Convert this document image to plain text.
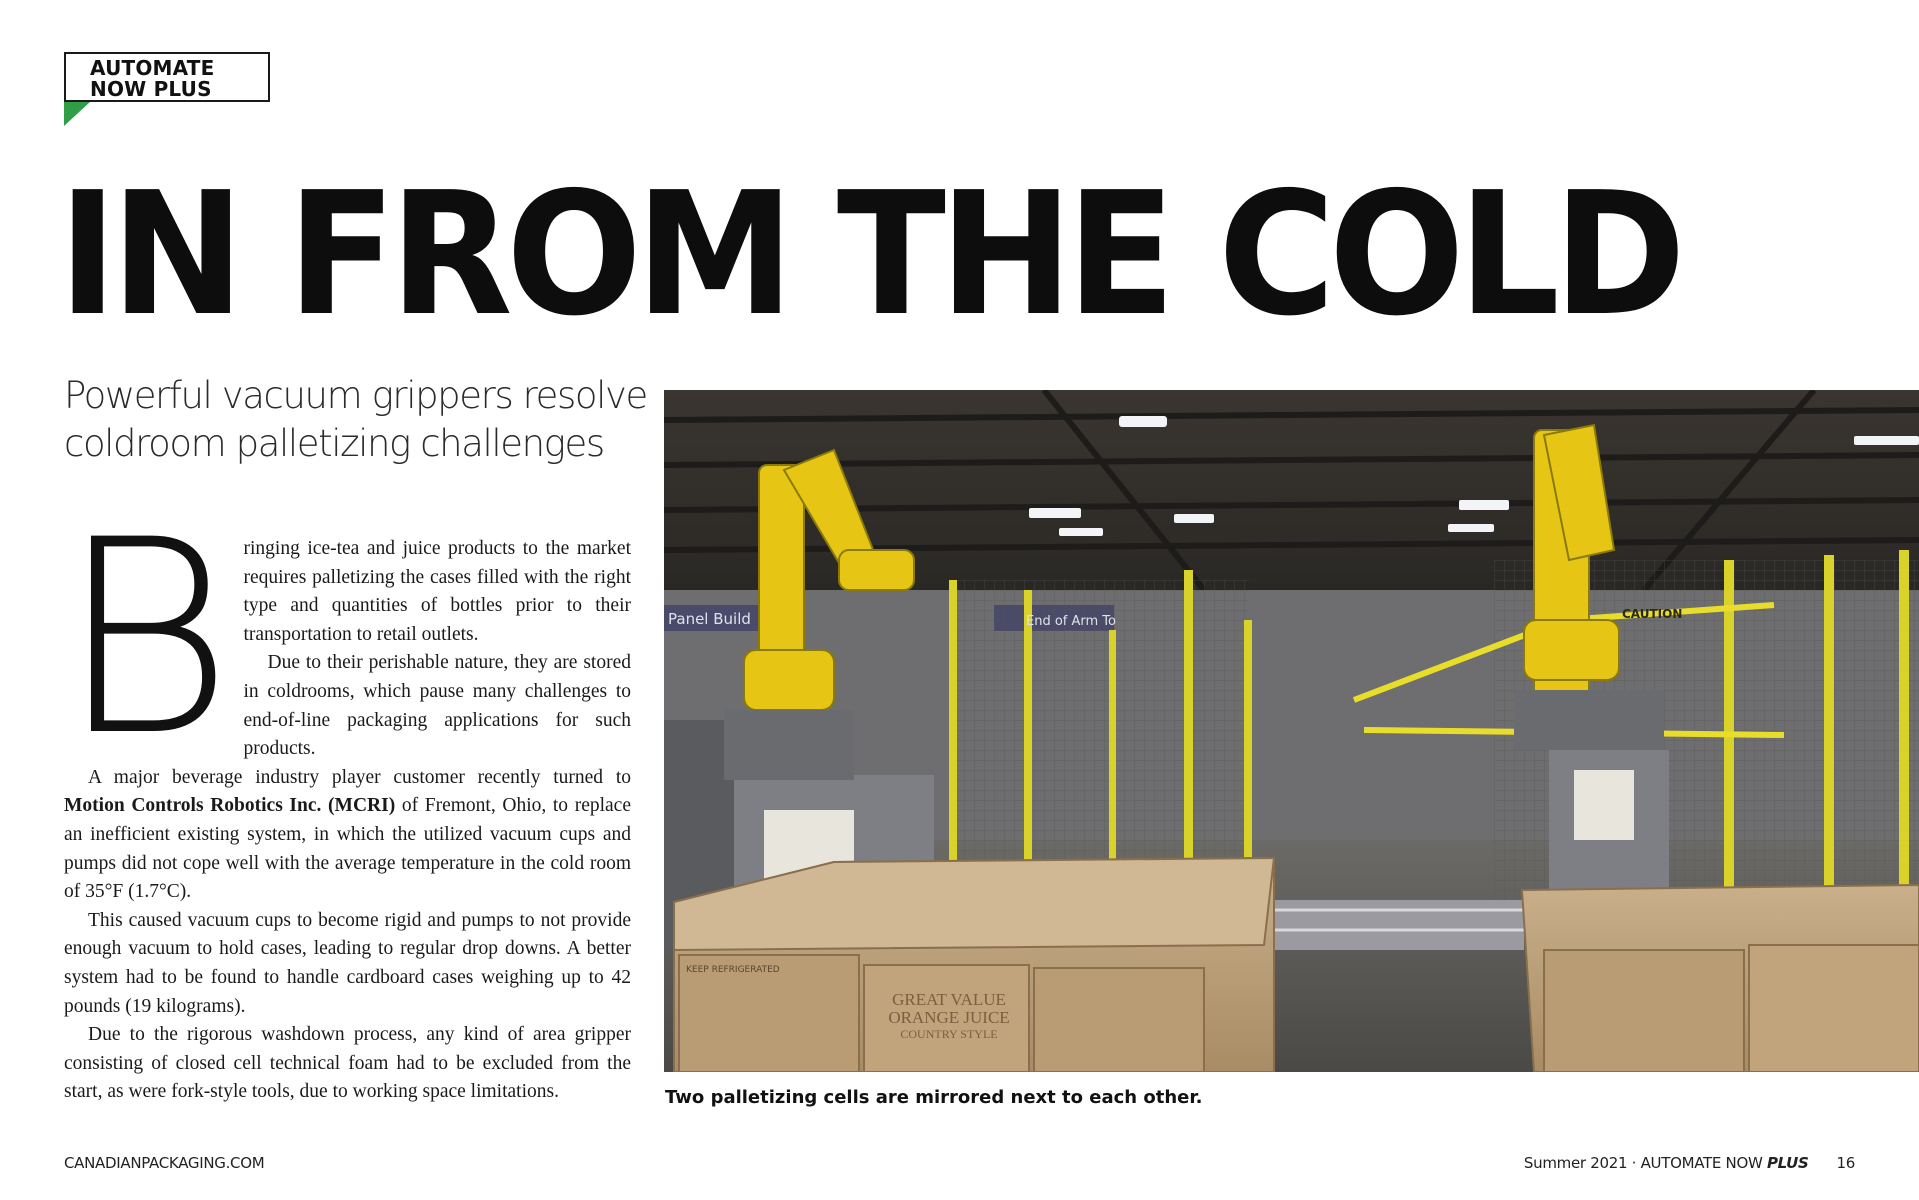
AUTOMATE
NOW PLUS
IN FROM THE COLD
Powerful vacuum grippers resolve coldroom palletizing challenges
B ringing ice-tea and juice products to the market requires palletizing the cases filled with the right type and quantities of bottles prior to their transportation to retail outlets.

Due to their perishable nature, they are stored in coldrooms, which pause many challenges to end-of-line packaging applications for such products.

A major beverage industry player customer recently turned to Motion Controls Robotics Inc. (MCRI) of Fremont, Ohio, to replace an inefficient existing system, in which the utilized vacuum cups and pumps did not cope well with the average temperature in the cold room of 35°F (1.7°C).

This caused vacuum cups to become rigid and pumps to not provide enough vacuum to hold cases, leading to regular drop downs. A better system had to be found to handle cardboard cases weighing up to 42 pounds (19 kilograms).

Due to the rigorous washdown process, any kind of area gripper consisting of closed cell technical foam had to be excluded from the start, as were fork-style tools, due to working space limitations.

Panel Build	End of Arm To	CAUTION
KEEP REFRIGERATED
GREAT VALUE
ORANGE JUICE
COUNTRY STYLE
Two palletizing cells are mirrored next to each other.
CANADIANPACKAGING.COM	Summer 2021 · AUTOMATE NOW PLUS 16
